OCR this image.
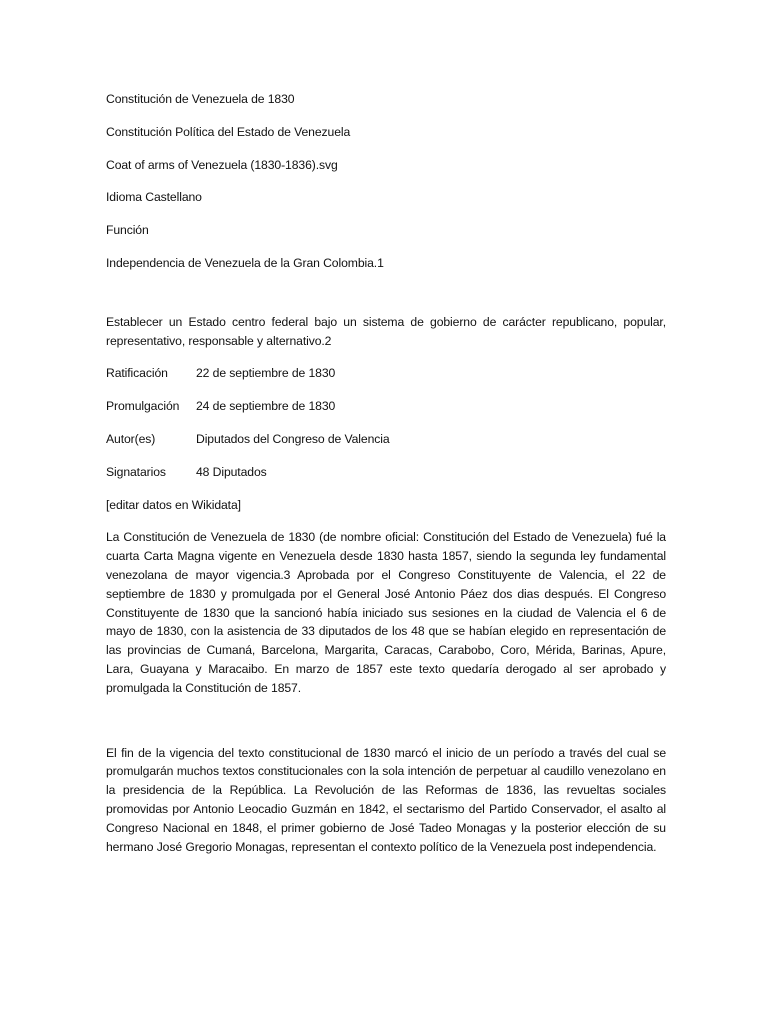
Constitución de Venezuela de 1830

Constitución Política del Estado de Venezuela

Coat of arms of Venezuela (1830-1836).svg

Idioma Castellano

Función

Independencia de Venezuela de la Gran Colombia.1

Establecer un Estado centro federal bajo un sistema de gobierno de carácter republicano, popular, representativo, responsable y alternativo.2

Ratificación	22 de septiembre de 1830
Promulgación	24 de septiembre de 1830
Autor(es)	Diputados del Congreso de Valencia
Signatarios	48 Diputados

[editar datos en Wikidata]

La Constitución de Venezuela de 1830 (de nombre oficial: Constitución del Estado de Venezuela) fué la cuarta Carta Magna vigente en Venezuela desde 1830 hasta 1857, siendo la segunda ley fundamental venezolana de mayor vigencia.3 Aprobada por el Congreso Constituyente de Valencia, el 22 de septiembre de 1830 y promulgada por el General José Antonio Páez dos dias después. El Congreso Constituyente de 1830 que la sancionó había iniciado sus sesiones en la ciudad de Valencia el 6 de mayo de 1830, con la asistencia de 33 diputados de los 48 que se habían elegido en representación de las provincias de Cumaná, Barcelona, Margarita, Caracas, Carabobo, Coro, Mérida, Barinas, Apure, Lara, Guayana y Maracaibo. En marzo de 1857 este texto quedaría derogado al ser aprobado y promulgada la Constitución de 1857.

El fin de la vigencia del texto constitucional de 1830 marcó el inicio de un período a través del cual se promulgarán muchos textos constitucionales con la sola intención de perpetuar al caudillo venezolano en la presidencia de la República. La Revolución de las Reformas de 1836, las revueltas sociales promovidas por Antonio Leocadio Guzmán en 1842, el sectarismo del Partido Conservador, el asalto al Congreso Nacional en 1848, el primer gobierno de José Tadeo Monagas y la posterior elección de su hermano José Gregorio Monagas, representan el contexto político de la Venezuela post independencia.
